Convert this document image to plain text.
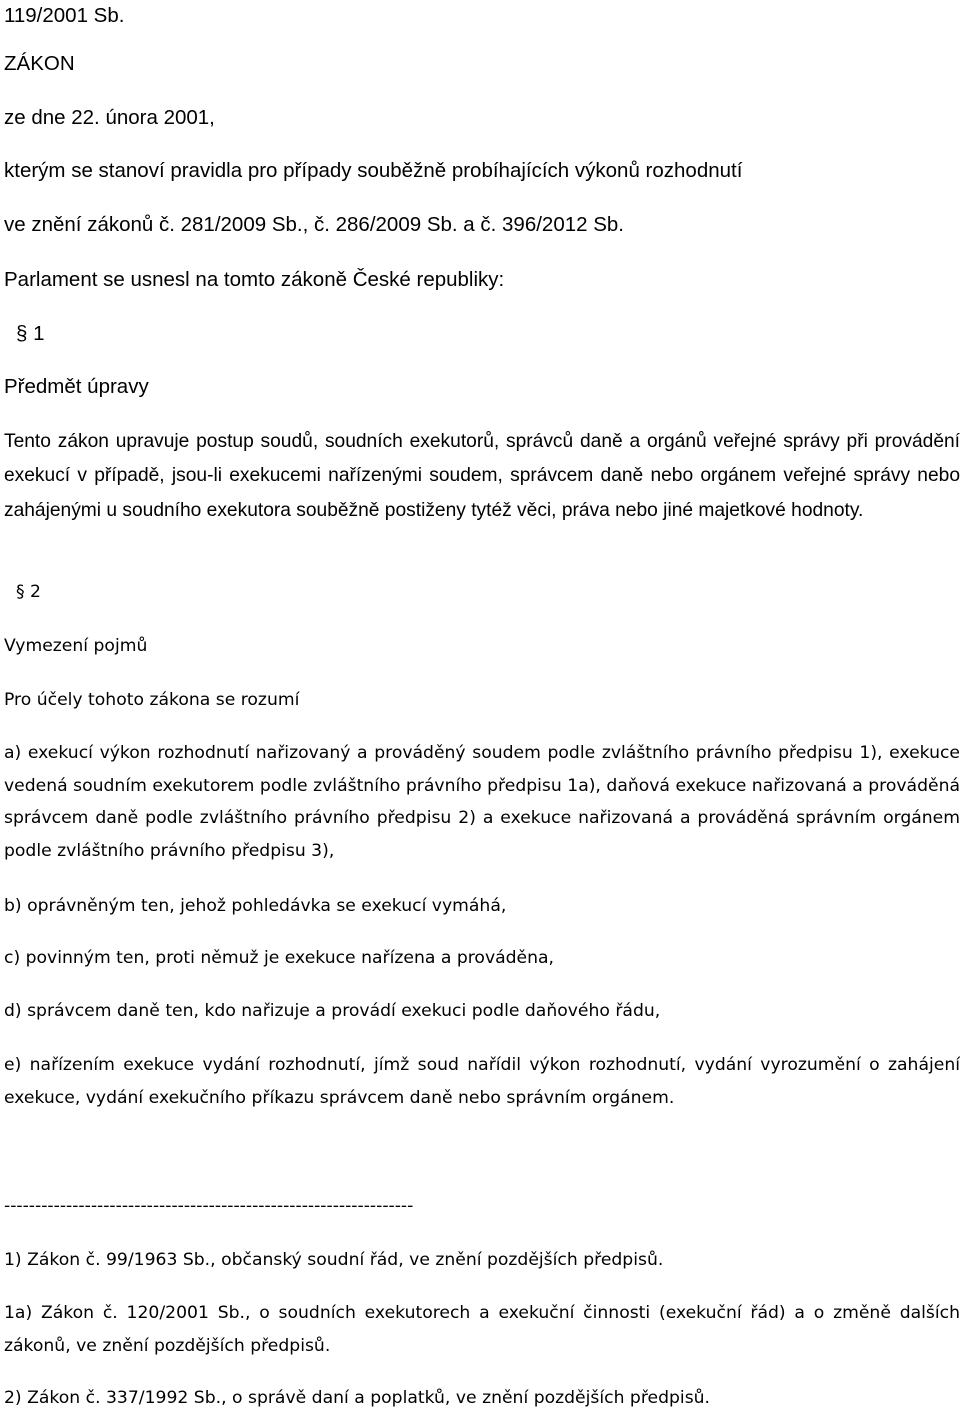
119/2001 Sb.
ZÁKON
ze dne 22. února 2001,
kterým se stanoví pravidla pro případy souběžně probíhajících výkonů rozhodnutí
ve znění zákonů č. 281/2009 Sb., č. 286/2009 Sb. a č. 396/2012 Sb.
Parlament se usnesl na tomto zákoně České republiky:
§ 1
Předmět úpravy
Tento zákon upravuje postup soudů, soudních exekutorů, správců daně a orgánů veřejné správy při provádění exekucí v případě, jsou-li exekucemi nařízenými soudem, správcem daně nebo orgánem veřejné správy nebo zahájenými u soudního exekutora souběžně postiženy tytéž věci, práva nebo jiné majetkové hodnoty.
§ 2
Vymezení pojmů
Pro účely tohoto zákona se rozumí
a) exekucí výkon rozhodnutí nařizovaný a prováděný soudem podle zvláštního právního předpisu 1), exekuce vedená soudním exekutorem podle zvláštního právního předpisu 1a), daňová exekuce nařizovaná a prováděná správcem daně podle zvláštního právního předpisu 2) a exekuce nařizovaná a prováděná správním orgánem podle zvláštního právního předpisu 3),
b) oprávněným ten, jehož pohledávka se exekucí vymáhá,
c) povinným ten, proti němuž je exekuce nařízena a prováděna,
d) správcem daně ten, kdo nařizuje a provádí exekuci podle daňového řádu,
e) nařízením exekuce vydání rozhodnutí, jímž soud nařídil výkon rozhodnutí, vydání vyrozumění o zahájení exekuce, vydání exekučního příkazu správcem daně nebo správním orgánem.
------------------------------------------------------------------
1) Zákon č. 99/1963 Sb., občanský soudní řád, ve znění pozdějších předpisů.
1a) Zákon č. 120/2001 Sb., o soudních exekutorech a exekuční činnosti (exekuční řád) a o změně dalších zákonů, ve znění pozdějších předpisů.
2) Zákon č. 337/1992 Sb., o správě daní a poplatků, ve znění pozdějších předpisů.
